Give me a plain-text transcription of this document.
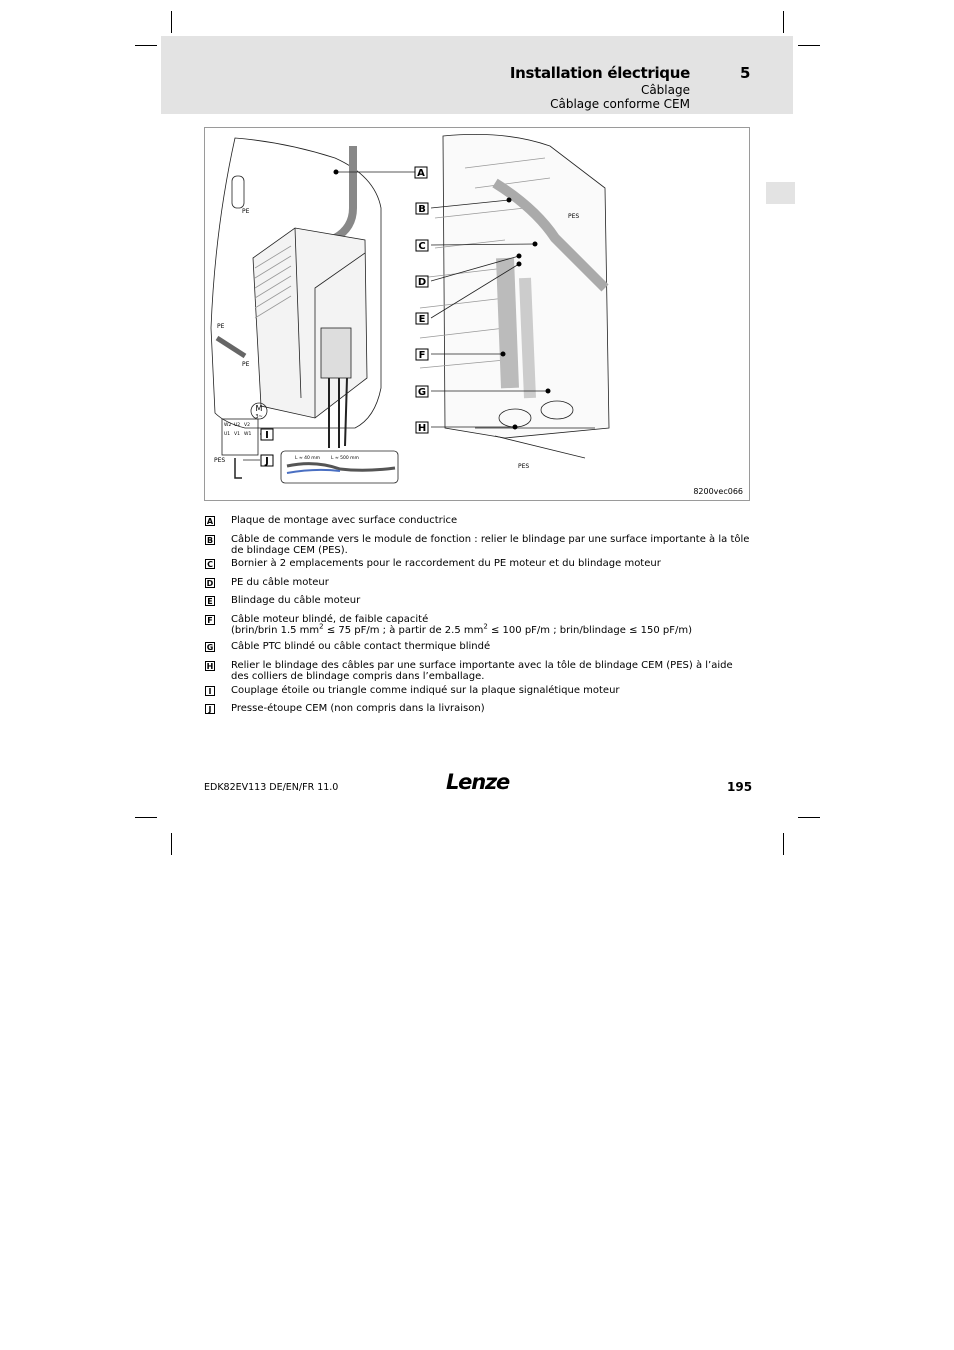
Installation électrique	5
Câblage
Câblage conforme CEM
A
B
C
D
E
F
G
H
I
J
PE
PE
PE
PES
PES
PES
M
3~
W2 U2 V2
U1 V1 W1
L ≈ 40 mm L ≈ 500 mm
8200vec066
A Plaque de montage avec surface conductrice
B Câble de commande vers le module de fonction : relier le blindage par une surface importante à la tôle de blindage CEM (PES).
C Bornier à 2 emplacements pour le raccordement du PE moteur et du blindage moteur
D PE du câble moteur
E Blindage du câble moteur
F Câble moteur blindé, de faible capacité
(brin/brin 1.5 $mm^2 \le 75$ pF/m ; à partir de 2.5 $mm^2 \le 100$ pF/m ; brin/blindage ≤ 150 pF/m)
G Câble PTC blindé ou câble contact thermique blindé
H Relier le blindage des câbles par une surface importante avec la tôle de blindage CEM (PES) à l’aide des colliers de blindage compris dans l’emballage.
I	Couplage étoile ou triangle comme indiqué sur la plaque signalétique moteur
J	Presse-étoupe CEM (non compris dans la livraison)
EDK82EV113 DE/EN/FR 11.0	Lenze	195
